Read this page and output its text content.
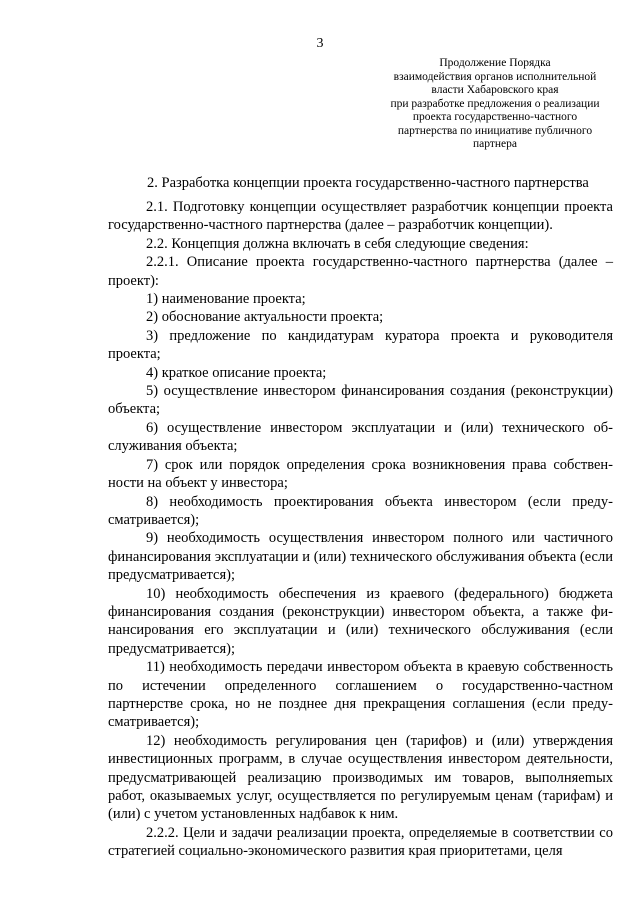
3
Продолжение Порядка
взаимодействия органов исполнительной
власти Хабаровского края
при разработке предложения о реализации
проекта государственно-частного
партнерства по инициативе публичного
партнера
2. Разработка концепции проекта государственно-частного партнерства

2.1. Подготовку концепции осуществляет разработчик концепции проекта государственно-частного партнерства (далее – разработчик концепции).

2.2. Концепция должна включать в себя следующие сведения:

2.2.1. Описание проекта государственно-частного партнерства (далее – проект):

1) наименование проекта;

2) обоснование актуальности проекта;

3) предложение по кандидатурам куратора проекта и руководителя проекта;

4) краткое описание проекта;

5) осуществление инвестором финансирования создания (реконструкции) объекта;

6) осуществление инвестором эксплуатации и (или) технического обслуживания объекта;

7) срок или порядок определения срока возникновения права собственности на объект у инвестора;

8) необходимость проектирования объекта инвестором (если предусматривается);

9) необходимость осуществления инвестором полного или частичного финансирования эксплуатации и (или) технического обслуживания объекта (если предусматривается);

10) необходимость обеспечения из краевого (федерального) бюджета финансирования создания (реконструкции) инвестором объекта, а также финансирования его эксплуатации и (или) технического обслуживания (если предусматривается);

11) необходимость передачи инвестором объекта в краевую собственность по истечении определенного соглашением о государственно-частном партнерстве срока, но не позднее дня прекращения соглашения (если предусматривается);

12) необходимость регулирования цен (тарифов) и (или) утверждения инвестиционных программ, в случае осуществления инвестором деятельности, предусматривающей реализацию производимых им товаров, выполняеmых работ, оказываемых услуг, осуществляется по регулируемым ценам (тарифам) и (или) с учетом установленных надбавок к ним.

2.2.2. Цели и задачи реализации проекта, определяемые в соответствии со стратегией социально-экономического развития края приоритетами, целя
